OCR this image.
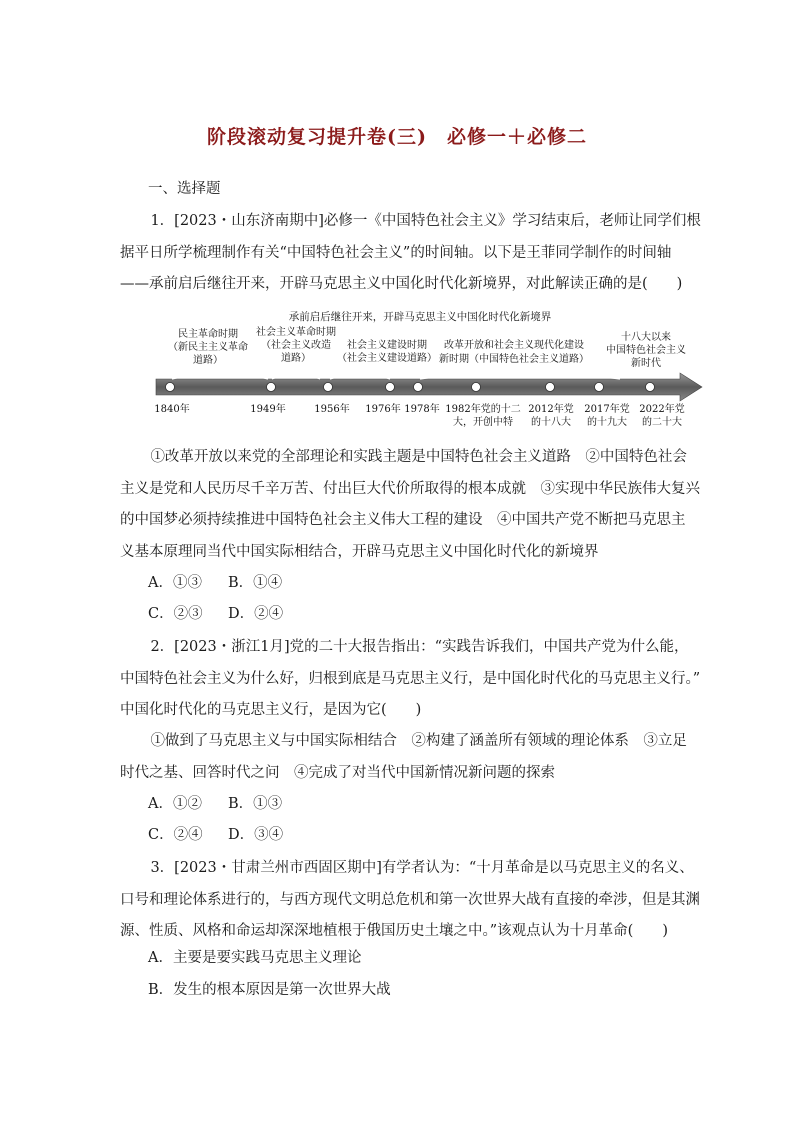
阶段滚动复习提升卷(三)　必修一＋必修二
一、选择题
1．[2023・山东济南期中]必修一《中国特色社会主义》学习结束后，老师让同学们根
据平日所学梳理制作有关“中国特色社会主义”的时间轴。以下是王菲同学制作的时间轴
——承前启后继往开来，开辟马克思主义中国化时代化新境界，对此解读正确的是(　　)
承前启后继往开来，开辟马克思主义中国化时代化新境界
民主革命时期
（新民主主义革命
道路）
社会主义革命时期
（社会主义改造
道路）
社会主义建设时期
（社会主义建设道路）
改革开放和社会主义现代化建设
新时期（中国特色社会主义道路）
十八大以来
中国特色社会主义
新时代
1840年	1949年	1956年 1976年 1978年 1982年党的十二
大，开创中特
2012年党
的十八大
2017年党
的十九大
2022年党
的二十大
①改革开放以来党的全部理论和实践主题是中国特色社会主义道路　②中国特色社会
主义是党和人民历尽千辛万苦、付出巨大代价所取得的根本成就　③实现中华民族伟大复兴
的中国梦必须持续推进中国特色社会主义伟大工程的建设　④中国共产党不断把马克思主
义基本原理同当代中国实际相结合，开辟马克思主义中国化时代化的新境界
A．①③ B．①④
C．②③ D．②④
2．[2023・浙江1月]党的二十大报告指出：“实践告诉我们，中国共产党为什么能，
中国特色社会主义为什么好，归根到底是马克思主义行，是中国化时代化的马克思主义行。”
中国化时代化的马克思主义行，是因为它(　　)
①做到了马克思主义与中国实际相结合　②构建了涵盖所有领域的理论体系　③立足
时代之基、回答时代之问　④完成了对当代中国新情况新问题的探索
A．①② B．①③
C．②④ D．③④
3．[2023・甘肃兰州市西固区期中]有学者认为：“十月革命是以马克思主义的名义、
口号和理论体系进行的，与西方现代文明总危机和第一次世界大战有直接的牵涉，但是其渊
源、性质、风格和命运却深深地植根于俄国历史土壤之中。”该观点认为十月革命(　　)
A．主要是要实践马克思主义理论
B．发生的根本原因是第一次世界大战
